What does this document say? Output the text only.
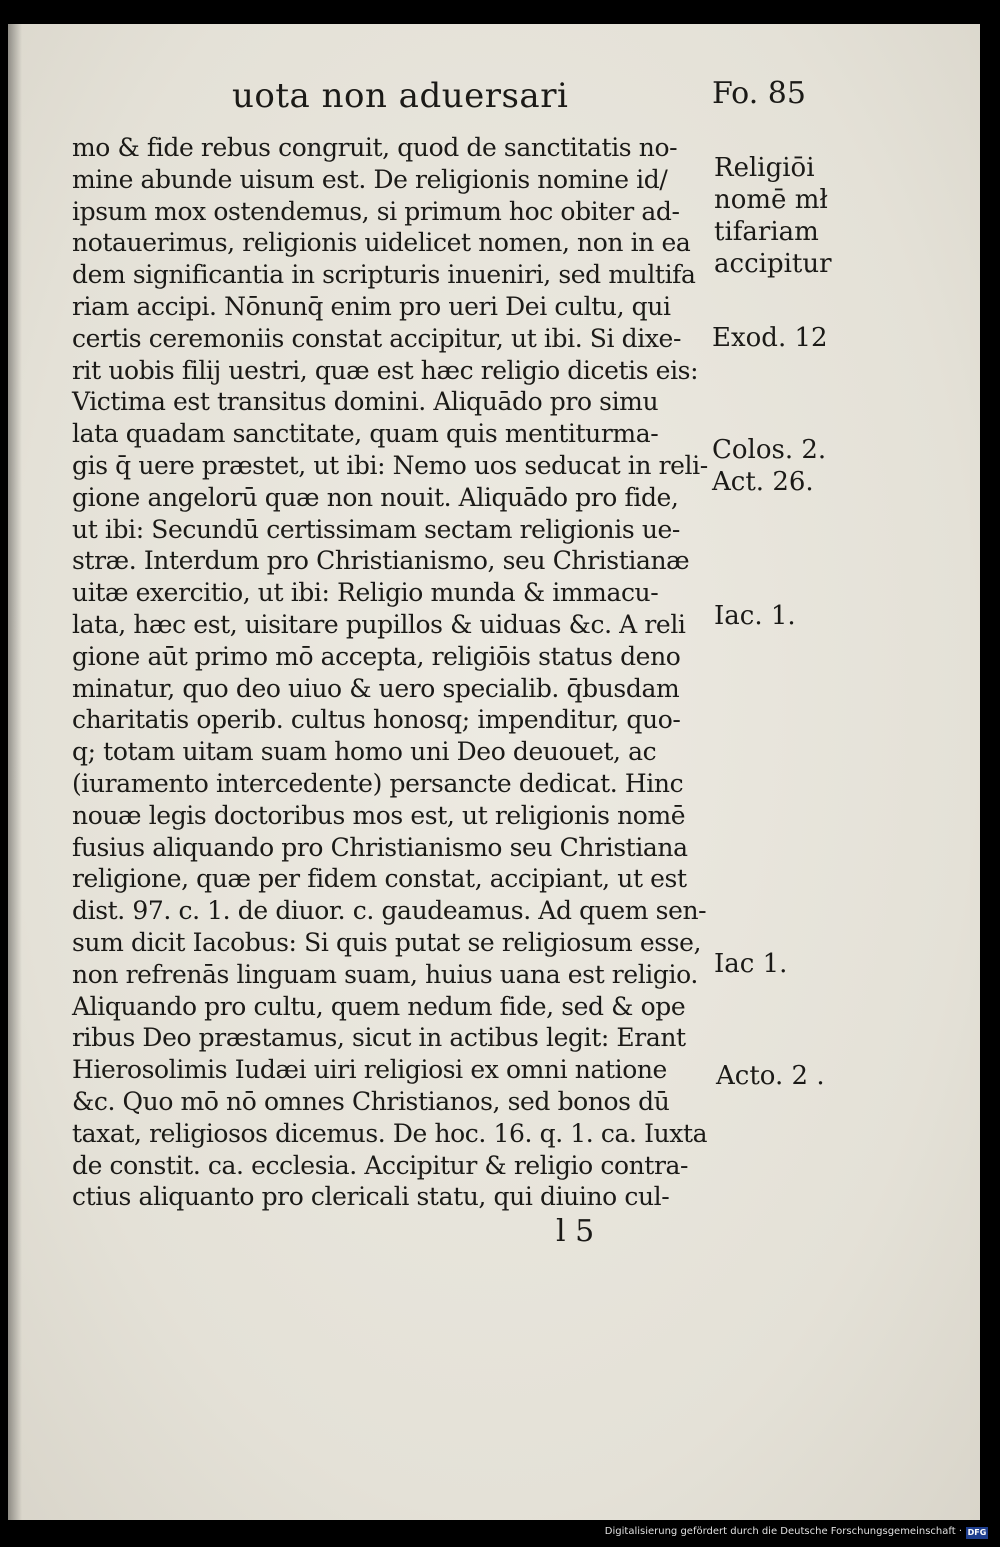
uota non aduersari	Fo. 85
mo & fide rebus congruit, quod de sanctitatis no-
mine abunde uisum est. De religionis nomine id/
ipsum mox ostendemus, si primum hoc obiter ad-
notauerimus, religionis uidelicet nomen, non in ea
dem significantia in scripturis inueniri, sed multifa
riam accipi. Nōnunq̄ enim pro ueri Dei cultu, qui
certis ceremoniis constat accipitur, ut ibi. Si dixe-
rit uobis filij uestri, quæ est hæc religio dicetis eis:
Victima est transitus domini. Aliquādo pro simu
lata quadam sanctitate, quam quis mentiturma-
gis q̄ uere præstet, ut ibi: Nemo uos seducat in reli-
gione angelorū quæ non nouit. Aliquādo pro fide,
ut ibi: Secundū certissimam sectam religionis ue-
stræ. Interdum pro Christianismo, seu Christianæ
uitæ exercitio, ut ibi: Religio munda & immacu-
lata, hæc est, uisitare pupillos & uiduas &c. A reli
gione aūt primo mō accepta, religiōis status deno
minatur, quo deo uiuo & uero specialib. q̄busdam
charitatis operib. cultus honosq; impenditur, quo-
q; totam uitam suam homo uni Deo deuouet, ac
(iuramento intercedente) persancte dedicat. Hinc
nouæ legis doctoribus mos est, ut religionis nomē
fusius aliquando pro Christianismo seu Christiana
religione, quæ per fidem constat, accipiant, ut est
dist. 97. c. 1. de diuor. c. gaudeamus. Ad quem sen-
sum dicit Iacobus: Si quis putat se religiosum esse,
non refrenās linguam suam, huius uana est religio.
Aliquando pro cultu, quem nedum fide, sed & ope
ribus Deo præstamus, sicut in actibus legit: Erant
Hierosolimis Iudæi uiri religiosi ex omni natione
&c. Quo mō nō omnes Christianos, sed bonos dū
taxat, religiosos dicemus. De hoc. 16. q. 1. ca. Iuxta
de constit. ca. ecclesia. Accipitur & religio contra-
ctius aliquanto pro clericali statu, qui diuino cul-
Religiōi
nomē mł
tifariam
accipitur
Exod. 12
Colos. 2.
Act. 26.
Iac. 1.
Iac 1.
Acto. 2 .
l 5
Digitalisierung gefördert durch die Deutsche Forschungsgemeinschaft · DFG
